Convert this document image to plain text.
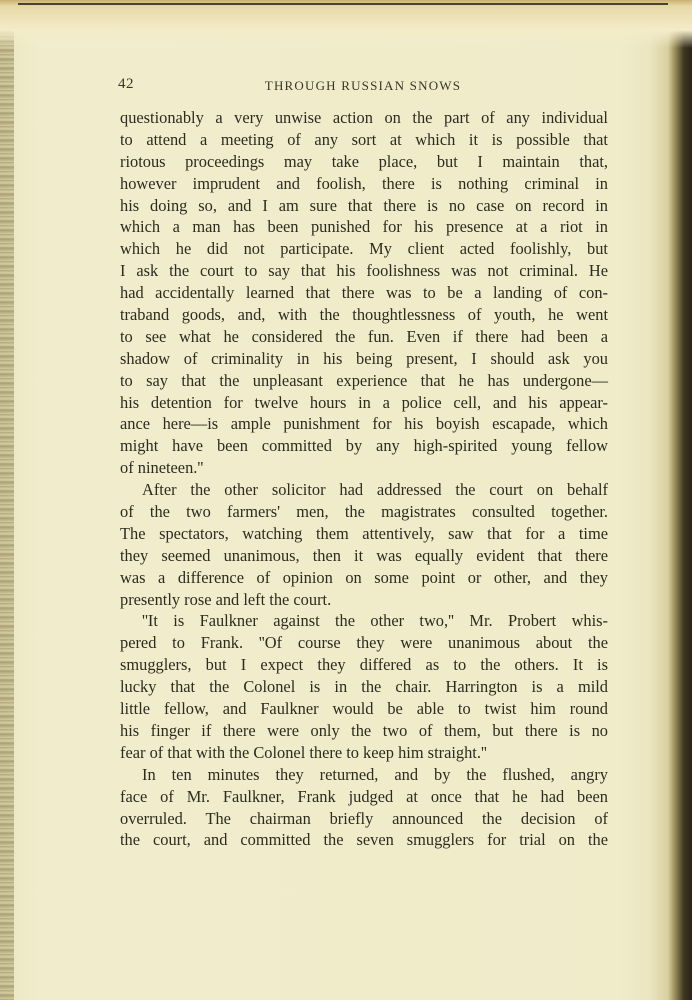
42	THROUGH RUSSIAN SNOWS
questionably a very unwise action on the part of any individual
to attend a meeting of any sort at which it is possible that
riotous proceedings may take place, but I maintain that,
however imprudent and foolish, there is nothing criminal in
his doing so, and I am sure that there is no case on record in
which a man has been punished for his presence at a riot in
which he did not participate. My client acted foolishly, but
I ask the court to say that his foolishness was not criminal. He
had accidentally learned that there was to be a landing of con-
traband goods, and, with the thoughtlessness of youth, he went
to see what he considered the fun. Even if there had been a
shadow of criminality in his being present, I should ask you
to say that the unpleasant experience that he has undergone—
his detention for twelve hours in a police cell, and his appear-
ance here—is ample punishment for his boyish escapade, which
might have been committed by any high-spirited young fellow
of nineteen.''
After the other solicitor had addressed the court on behalf
of the two farmers' men, the magistrates consulted together.
The spectators, watching them attentively, saw that for a time
they seemed unanimous, then it was equally evident that there
was a difference of opinion on some point or other, and they
presently rose and left the court.
''It is Faulkner against the other two,'' Mr. Probert whis-
pered to Frank. ''Of course they were unanimous about the
smugglers, but I expect they differed as to the others. It is
lucky that the Colonel is in the chair. Harrington is a mild
little fellow, and Faulkner would be able to twist him round
his finger if there were only the two of them, but there is no
fear of that with the Colonel there to keep him straight.''
In ten minutes they returned, and by the flushed, angry
face of Mr. Faulkner, Frank judged at once that he had been
overruled. The chairman briefly announced the decision of
the court, and committed the seven smugglers for trial on the
